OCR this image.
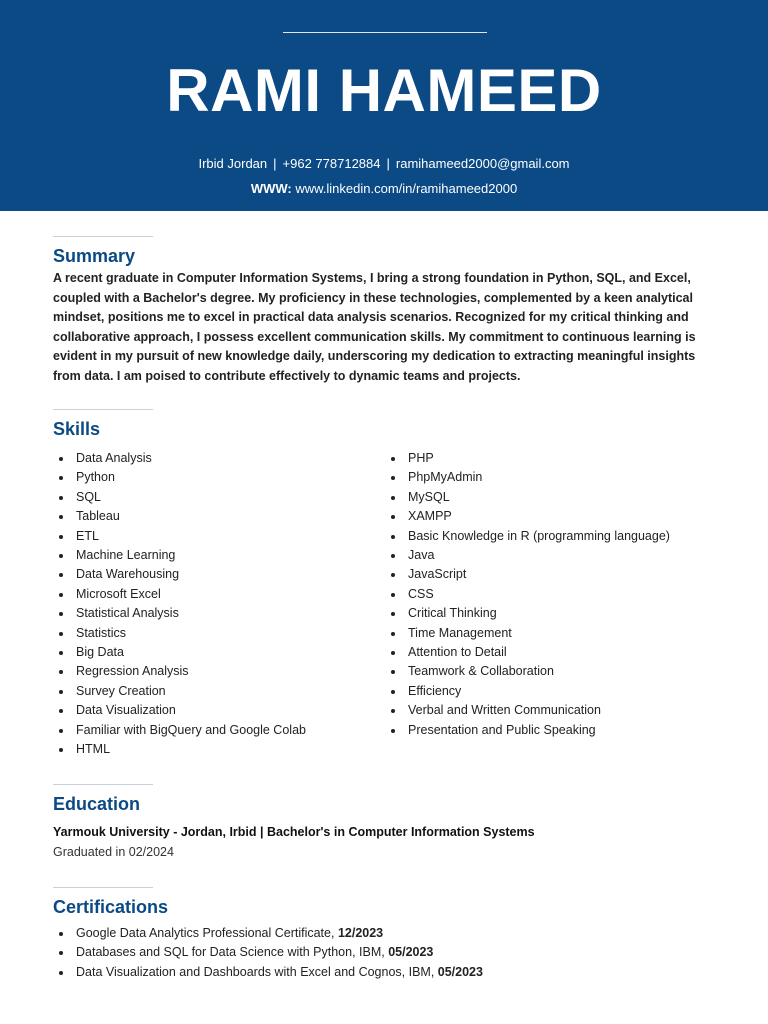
RAMI HAMEED
Irbid Jordan | +962 778712884 | ramihameed2000@gmail.com
WWW: www.linkedin.com/in/ramihameed2000
Summary
A recent graduate in Computer Information Systems, I bring a strong foundation in Python, SQL, and Excel, coupled with a Bachelor's degree. My proficiency in these technologies, complemented by a keen analytical mindset, positions me to excel in practical data analysis scenarios. Recognized for my critical thinking and collaborative approach, I possess excellent communication skills. My commitment to continuous learning is evident in my pursuit of new knowledge daily, underscoring my dedication to extracting meaningful insights from data. I am poised to contribute effectively to dynamic teams and projects.
Skills
Data Analysis
Python
SQL
Tableau
ETL
Machine Learning
Data Warehousing
Microsoft Excel
Statistical Analysis
Statistics
Big Data
Regression Analysis
Survey Creation
Data Visualization
Familiar with BigQuery and Google Colab
HTML
PHP
PhpMyAdmin
MySQL
XAMPP
Basic Knowledge in R (programming language)
Java
JavaScript
CSS
Critical Thinking
Time Management
Attention to Detail
Teamwork & Collaboration
Efficiency
Verbal and Written Communication
Presentation and Public Speaking
Education
Yarmouk University - Jordan, Irbid | Bachelor's in Computer Information Systems
Graduated in 02/2024
Certifications
Google Data Analytics Professional Certificate, 12/2023
Databases and SQL for Data Science with Python, IBM, 05/2023
Data Visualization and Dashboards with Excel and Cognos, IBM, 05/2023
